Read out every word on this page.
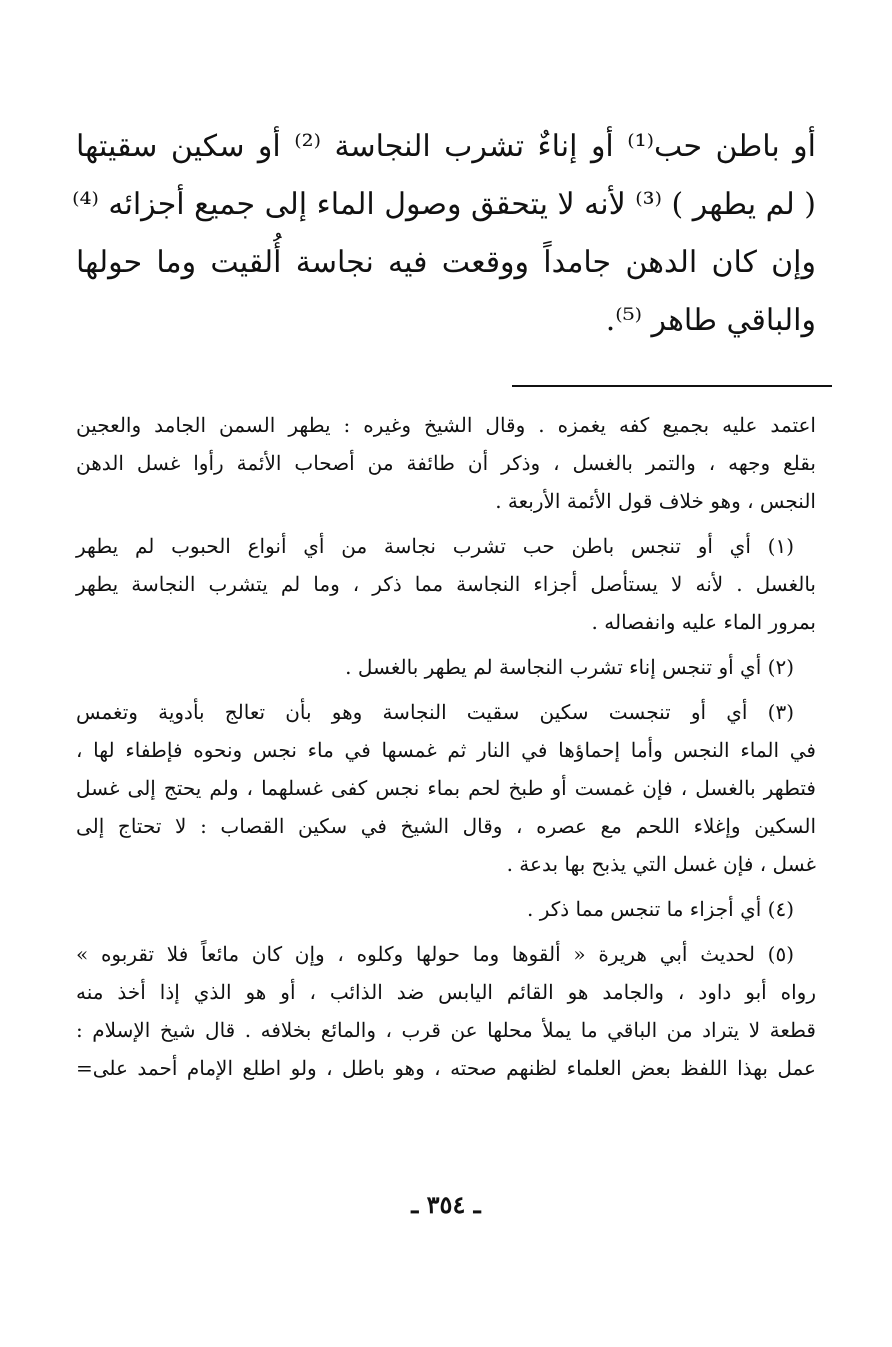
أو باطن حب⁽¹⁾ أو إناءٌ تشرب النجاسة ⁽²⁾ أو سكين سقيتها
( لم يطهر ) ⁽³⁾ لأنه لا يتحقق وصول الماء إلى جميع أجزائه ⁽⁴⁾
وإن كان الدهن جامداً ووقعت فيه نجاسة أُلقيت وما حولها
والباقي طاهر ⁽⁵⁾.
اعتمد عليه بجميع كفه يغمزه . وقال الشيخ وغيره : يطهر السمن الجامد والعجين
بقلع وجهه ، والتمر بالغسل ، وذكر أن طائفة من أصحاب الأئمة رأوا غسل الدهن
النجس ، وهو خلاف قول الأئمة الأربعة .
(١) أي أو تنجس باطن حب تشرب نجاسة من أي أنواع الحبوب لم يطهر
بالغسل . لأنه لا يستأصل أجزاء النجاسة مما ذكر ، وما لم يتشرب النجاسة يطهر
بمرور الماء عليه وانفصاله .
(٢) أي أو تنجس إناء تشرب النجاسة لم يطهر بالغسل .
(٣) أي أو تنجست سكين سقيت النجاسة وهو بأن تعالج بأدوية وتغمس
في الماء النجس وأما إحماؤها في النار ثم غمسها في ماء نجس ونحوه فإطفاء لها ،
فتطهر بالغسل ، فإن غمست أو طبخ لحم بماء نجس كفى غسلهما ، ولم يحتج إلى غسل
السكين وإغلاء اللحم مع عصره ، وقال الشيخ في سكين القصاب : لا تحتاج إلى
غسل ، فإن غسل التي يذبح بها بدعة .
(٤) أي أجزاء ما تنجس مما ذكر .
(٥) لحديث أبي هريرة « ألقوها وما حولها وكلوه ، وإن كان مائعاً فلا تقربوه »
رواه أبو داود ، والجامد هو القائم اليابس ضد الذائب ، أو هو الذي إذا أخذ منه
قطعة لا يتراد من الباقي ما يملأ محلها عن قرب ، والمائع بخلافه . قال شيخ الإسلام :
عمل بهذا اللفظ بعض العلماء لظنهم صحته ، وهو باطل ، ولو اطلع الإمام أحمد على=
ـ ٣٥٤ ـ
